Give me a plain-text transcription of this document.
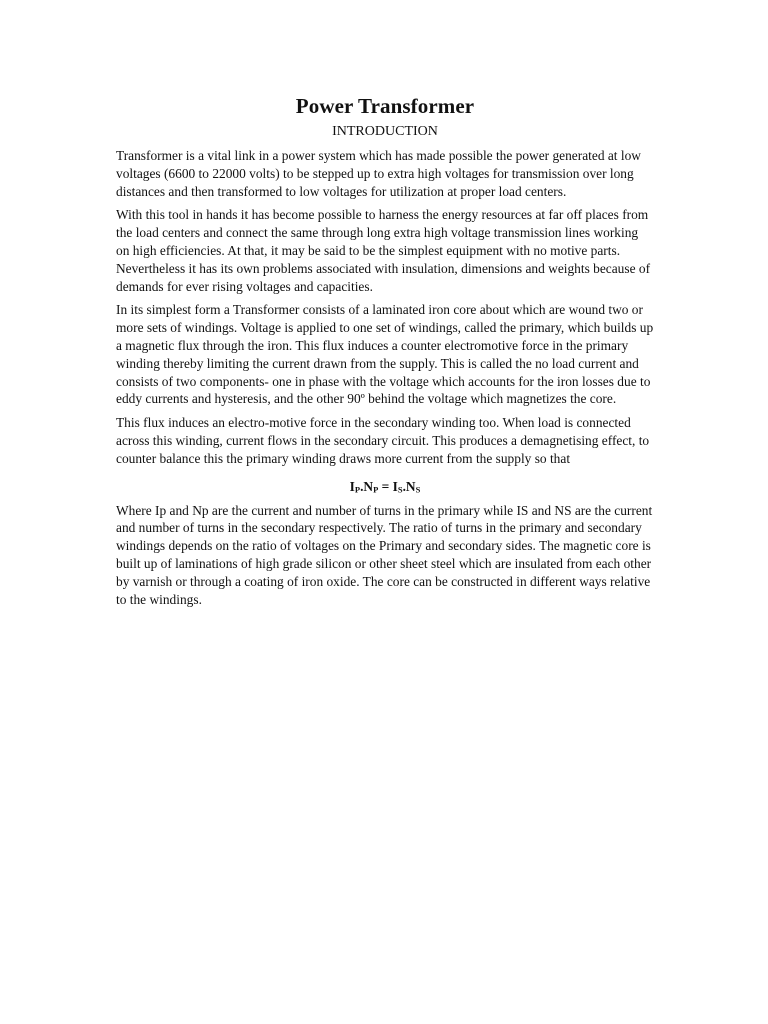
Power Transformer
INTRODUCTION

Transformer is a vital link in a power system which has made possible the power generated at low voltages (6600 to 22000 volts) to be stepped up to extra high voltages for transmission over long distances and then transformed to low voltages for utilization at proper load centers.

With this tool in hands it has become possible to harness the energy resources at far off places from the load centers and connect the same through long extra high voltage transmission lines working on high efficiencies. At that, it may be said to be the simplest equipment with no motive parts. Nevertheless it has its own problems associated with insulation, dimensions and weights because of demands for ever rising voltages and capacities.

In its simplest form a Transformer consists of a laminated iron core about which are wound two or more sets of windings. Voltage is applied to one set of windings, called the primary, which builds up a magnetic flux through the iron. This flux induces a counter electromotive force in the primary winding thereby limiting the current drawn from the supply. This is called the no load current and consists of two components- one in phase with the voltage which accounts for the iron losses due to eddy currents and hysteresis, and the other 90º behind the voltage which magnetizes the core.

This flux induces an electro-motive force in the secondary winding too. When load is connected across this winding, current flows in the secondary circuit. This produces a demagnetising effect, to counter balance this the primary winding draws more current from the supply so that

$I_P.N_P = I_S.N_S$

Where Ip and Np are the current and number of turns in the primary while IS and NS are the current and number of turns in the secondary respectively. The ratio of turns in the primary and secondary windings depends on the ratio of voltages on the Primary and secondary sides. The magnetic core is built up of laminations of high grade silicon or other sheet steel which are insulated from each other by varnish or through a coating of iron oxide. The core can be constructed in different ways relative to the windings.
